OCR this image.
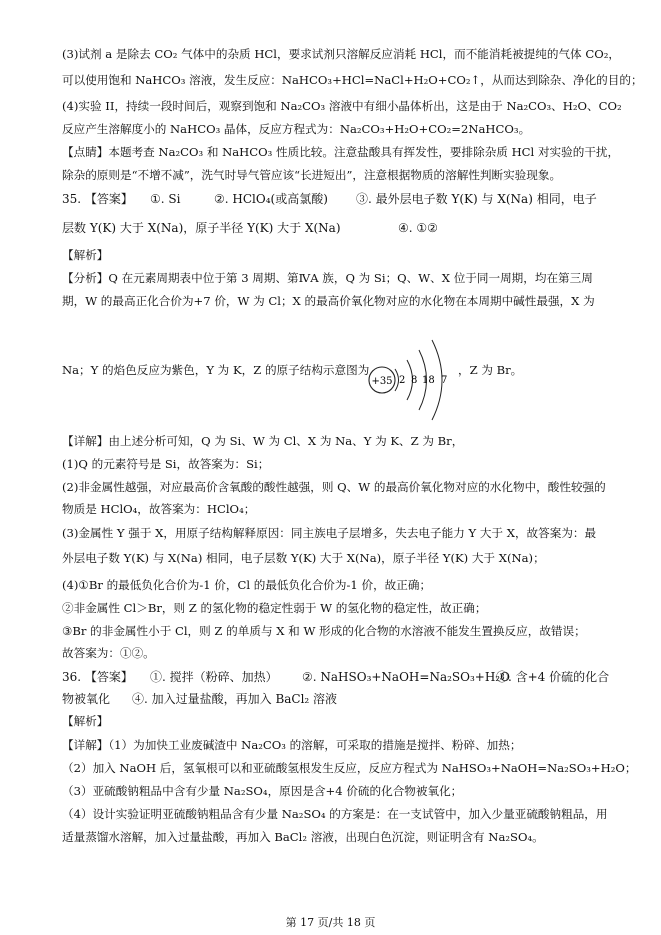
(3)试剂 a 是除去 CO₂ 气体中的杂质 HCl，要求试剂只溶解反应消耗 HCl，而不能消耗被提纯的气体 CO₂，
可以使用饱和 NaHCO₃ 溶液，发生反应：NaHCO₃+HCl=NaCl+H₂O+CO₂↑，从而达到除杂、净化的目的；
(4)实验 II，持续一段时间后，观察到饱和 Na₂CO₃ 溶液中有细小晶体析出，这是由于 Na₂CO₃、H₂O、CO₂
反应产生溶解度小的 NaHCO₃ 晶体，反应方程式为：Na₂CO₃+H₂O+CO₂=2NaHCO₃。
【点睛】本题考查 Na₂CO₃ 和 NaHCO₃ 性质比较。注意盐酸具有挥发性，要排除杂质 HCl 对实验的干扰，
除杂的原则是“不增不减”，洗气时导气管应该“长进短出”，注意根据物质的溶解性判断实验现象。
35. 【答案】 ①. Si	②. HClO₄(或高氯酸) ③. 最外层电子数 Y(K) 与 X(Na) 相同，电子
层数 Y(K) 大于 X(Na)，原子半径 Y(K) 大于 X(Na)	④. ①②
【解析】
【分析】Q 在元素周期表中位于第 3 周期、第ⅣA 族，Q 为 Si；Q、W、X 位于同一周期，均在第三周
期，W 的最高正化合价为+7 价，W 为 Cl；X 的最高价氧化物对应的水化物在本周期中碱性最强，X 为
Na；Y 的焰色反应为紫色，Y 为 K，Z 的原子结构示意图为	，Z 为 Br。
+35 2 8 18 7
【详解】由上述分析可知，Q 为 Si、W 为 Cl、X 为 Na、Y 为 K、Z 为 Br，
(1)Q 的元素符号是 Si，故答案为：Si；
(2)非金属性越强，对应最高价含氧酸的酸性越强，则 Q、W 的最高价氧化物对应的水化物中，酸性较强的
物质是 HClO₄，故答案为：HClO₄；
(3)金属性 Y 强于 X，用原子结构解释原因：同主族电子层增多，失去电子能力 Y 大于 X，故答案为：最
外层电子数 Y(K) 与 X(Na) 相同，电子层数 Y(K) 大于 X(Na)，原子半径 Y(K) 大于 X(Na)；
(4)①Br 的最低负化合价为-1 价，Cl 的最低负化合价为-1 价，故正确；
②非金属性 Cl＞Br，则 Z 的氢化物的稳定性弱于 W 的氢化物的稳定性，故正确；
③Br 的非金属性小于 Cl，则 Z 的单质与 X 和 W 形成的化合物的水溶液不能发生置换反应，故错误；
故答案为：①②。
36. 【答案】 ①. 搅拌（粉碎、加热） ②. NaHSO₃+NaOH=Na₂SO₃+H₂O
③. 含+4 价硫的化合
物被氧化 ④. 加入过量盐酸，再加入 BaCl₂ 溶液
【解析】
【详解】（1）为加快工业废碱渣中 Na₂CO₃ 的溶解，可采取的措施是搅拌、粉碎、加热；
（2）加入 NaOH 后，氢氧根可以和亚硫酸氢根发生反应，反应方程式为 NaHSO₃+NaOH=Na₂SO₃+H₂O；
（3）亚硫酸钠粗品中含有少量 Na₂SO₄，原因是含+4 价硫的化合物被氧化；
（4）设计实验证明亚硫酸钠粗品含有少量 Na₂SO₄ 的方案是：在一支试管中，加入少量亚硫酸钠粗品，用
适量蒸馏水溶解，加入过量盐酸，再加入 BaCl₂ 溶液，出现白色沉淀，则证明含有 Na₂SO₄。
第 17 页/共 18 页
